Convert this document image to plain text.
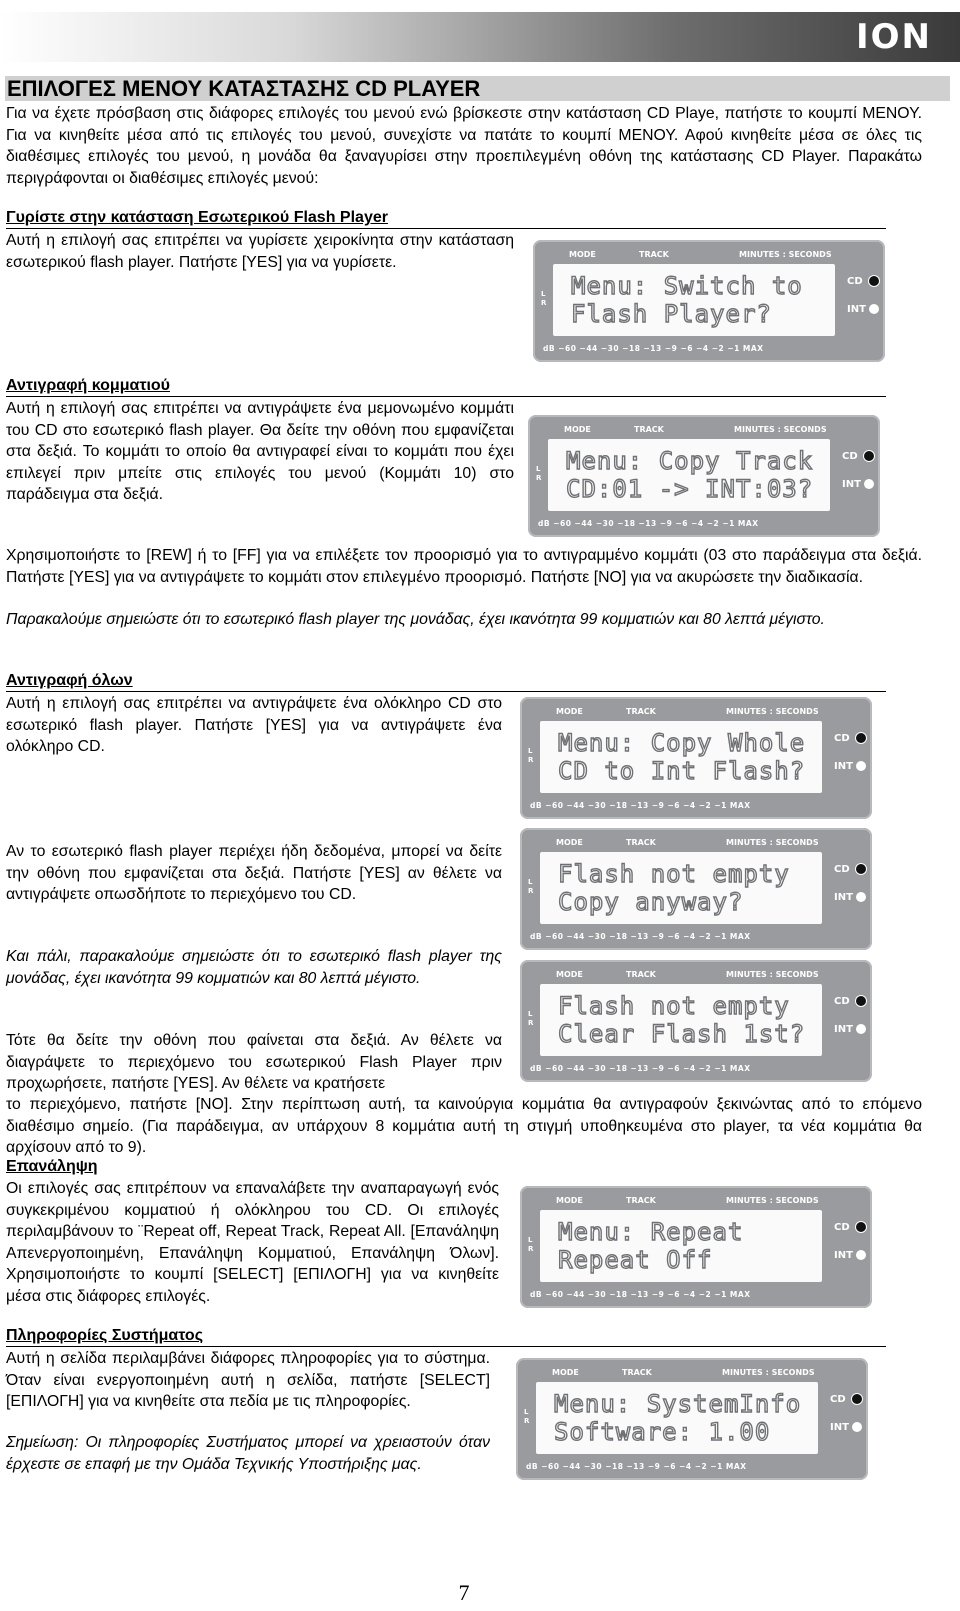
ION
ΕΠΙΛΟΓΕΣ ΜΕΝΟΥ ΚΑΤΑΣΤΑΣΗΣ CD PLAYER

Για να έχετε πρόσβαση στις διάφορες επιλογές του μενού ενώ βρίσκεστε στην κατάσταση CD Playe, πατήστε το κουμπί ΜΕΝΟΥ. Για να κινηθείτε μέσα από τις επιλογές του μενού, συνεχίστε να πατάτε το κουμπί ΜΕΝΟΥ. Αφού κινηθείτε μέσα σε όλες τις διαθέσιμες επιλογές του μενού, η μονάδα θα ξαναγυρίσει στην προεπιλεγμένη οθόνη της κατάστασης CD Player. Παρακάτω περιγράφονται οι διαθέσιμες επιλογές μενού:

Γυρίστε στην κατάσταση Εσωτερικού Flash Player

Αυτή η επιλογή σας επιτρέπει να γυρίσετε χειροκίνητα στην κατάσταση εσωτερικού flash player. Πατήστε [YES] για να γυρίσετε.

Αντιγραφή κομματιού

Αυτή η επιλογή σας επιτρέπει να αντιγράψετε ένα μεμονωμένο κομμάτι του CD στο εσωτερικό flash player. Θα δείτε την οθόνη που εμφανίζεται στα δεξιά. Το κομμάτι το οποίο θα αντιγραφεί είναι το κομμάτι που έχει επιλεγεί πριν μπείτε στις επιλογές του μενού (Κομμάτι 10) στο παράδειγμα στα δεξιά.

Χρησιμοποιήστε το [REW] ή το [FF] για να επιλέξετε τον προορισμό για το αντιγραμμένο κομμάτι (03 στο παράδειγμα στα δεξιά. Πατήστε [YES] για να αντιγράψετε το κομμάτι στον επιλεγμένο προορισμό. Πατήστε [NO] για να ακυρώσετε την διαδικασία.

Παρακαλούμε σημειώστε ότι το εσωτερικό flash player της μονάδας, έχει ικανότητα 99 κομματιών και 80 λεπτά μέγιστο.

Αντιγραφή όλων

Αυτή η επιλογή σας επιτρέπει να αντιγράψετε ένα ολόκληρο CD στο εσωτερικό flash player. Πατήστε [YES] για να αντιγράψετε ένα ολόκληρο CD.

Αν το εσωτερικό flash player περιέχει ήδη δεδομένα, μπορεί να δείτε την οθόνη που εμφανίζεται στα δεξιά. Πατήστε [YES] αν θέλετε να αντιγράψετε οπωσδήποτε το περιεχόμενο του CD.

Και πάλι, παρακαλούμε σημειώστε ότι το εσωτερικό flash player της μονάδας, έχει ικανότητα 99 κομματιών και 80 λεπτά μέγιστο.

Τότε θα δείτε την οθόνη που φαίνεται στα δεξιά. Αν θέλετε να διαγράψετε το περιεχόμενο του εσωτερικού Flash Player πριν προχωρήσετε, πατήστε [YES]. Αν θέλετε να κρατήσετε

το περιεχόμενο, πατήστε [NO]. Στην περίπτωση αυτή, τα καινούργια κομμάτια θα αντιγραφούν ξεκινώντας από το επόμενο διαθέσιμο σημείο. (Για παράδειγμα, αν υπάρχουν 8 κομμάτια αυτή τη στιγμή υποθηκευμένα στο player, τα νέα κομμάτια θα αρχίσουν από το 9).

Επανάληψη

Οι επιλογές σας επιτρέπουν να επαναλάβετε την αναπαραγωγή ενός συγκεκριμένου κομματιού ή ολόκληρου του CD. Οι επιλογές περιλαμβάνουν το ¨Repeat off, Repeat Track, Repeat All. [Επανάληψη Απενεργοποιημένη, Επανάληψη Κομματιού, Επανάληψη Όλων]. Χρησιμοποιήστε το κουμπί [SELECT] [ΕΠΙΛΟΓΗ] για να κινηθείτε μέσα στις διάφορες επιλογές.

Πληροφορίες Συστήματος

Αυτή η σελίδα περιλαμβάνει διάφορες πληροφορίες για το σύστημα. Όταν είναι ενεργοποιημένη αυτή η σελίδα, πατήστε [SELECT] [ΕΠΙΛΟΓΗ] για να κινηθείτε στα πεδία με τις πληροφορίες.

Σημείωση: Οι πληροφορίες Συστήματος μπορεί να χρειαστούν όταν έρχεστε σε επαφή με την Ομάδα Τεχνικής Υποστήριξης μας.

MODE	TRACK	MINUTES : SECONDS
Menu: Switch to
Flash Player?
L
R
CD
INT
dB −60 −44 −30 −18 −13 −9 −6 −4 −2 −1 MAX
MODE	TRACK	MINUTES : SECONDS
Menu: Copy Track
CD:01 -> INT:03?
L
R
CD
INT
dB −60 −44 −30 −18 −13 −9 −6 −4 −2 −1 MAX
MODE	TRACK	MINUTES : SECONDS
Menu: Copy Whole
CD to Int Flash?
L
R
CD
INT
dB −60 −44 −30 −18 −13 −9 −6 −4 −2 −1 MAX
MODE	TRACK	MINUTES : SECONDS
Flash not empty
Copy anyway?
L
R
CD
INT
dB −60 −44 −30 −18 −13 −9 −6 −4 −2 −1 MAX
MODE	TRACK	MINUTES : SECONDS
Flash not empty
Clear Flash 1st?
L
R
CD
INT
dB −60 −44 −30 −18 −13 −9 −6 −4 −2 −1 MAX
MODE	TRACK	MINUTES : SECONDS
Menu: Repeat
Repeat Off
L
R
CD
INT
dB −60 −44 −30 −18 −13 −9 −6 −4 −2 −1 MAX
MODE	TRACK	MINUTES : SECONDS
Menu: SystemInfo
Software: 1.00
L
R
CD
INT
dB −60 −44 −30 −18 −13 −9 −6 −4 −2 −1 MAX
7
